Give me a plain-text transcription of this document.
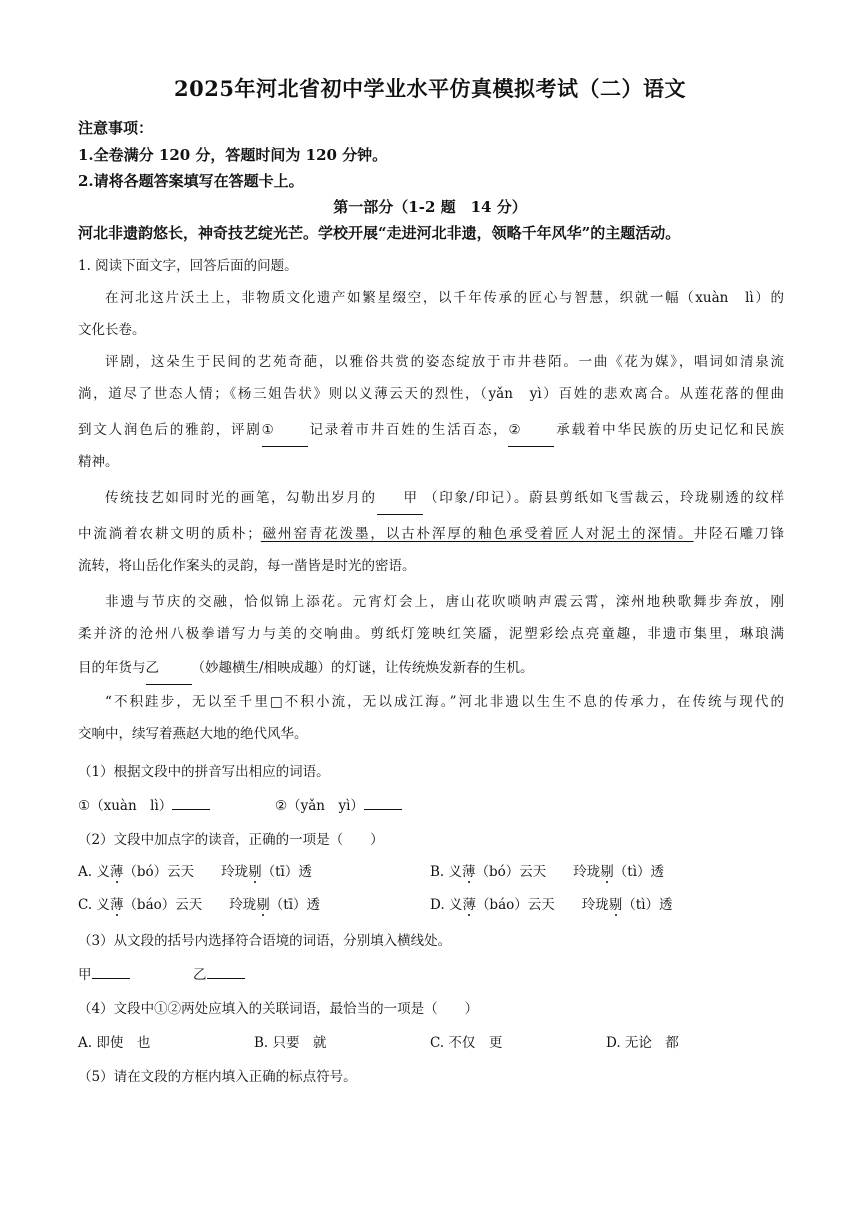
2025年河北省初中学业水平仿真模拟考试（二）语文
注意事项：
1.全卷满分 120 分，答题时间为 120 分钟。
2.请将各题答案填写在答题卡上。
第一部分（1-2 题　14 分）
河北非遗韵悠长，神奇技艺绽光芒。学校开展“走进河北非遗，领略千年风华”的主题活动。
1. 阅读下面文字，回答后面的问题。
在河北这片沃土上，非物质文化遗产如繁星缀空，以千年传承的匠心与智慧，织就一幅（xuàn　lì）的
文化长卷。
评剧，这朵生于民间的艺苑奇葩，以雅俗共赏的姿态绽放于市井巷陌。一曲《花为媒》，唱词如清泉流
淌，道尽了世态人情；《杨三姐告状》则以义薄云天的烈性，（yǎn　yì）百姓的悲欢离合。从莲花落的俚曲
到文人润色后的雅韵，评剧①	记录着市井百姓的生活百态，②	承载着中华民族的历史记忆和民族
精神。
传统技艺如同时光的画笔，勾勒出岁月的 甲 （印象/印记）。蔚县剪纸如飞雪裁云，玲珑剔透的纹样
中流淌着农耕文明的质朴；磁州窑青花泼墨，以古朴浑厚的釉色承受着匠人对泥土的深情。井陉石雕刀锋
流转，将山岳化作案头的灵韵，每一凿皆是时光的密语。
非遗与节庆的交融，恰似锦上添花。元宵灯会上，唐山花吹唢呐声震云霄，滦州地秧歌舞步奔放，刚
柔并济的沧州八极拳谱写力与美的交响曲。剪纸灯笼映红笑靥，泥塑彩绘点亮童趣，非遗市集里，琳琅满
目的年货与乙 （妙趣横生/相映成趣）的灯谜，让传统焕发新春的生机。
“不积跬步，无以至千里□不积小流，无以成江海。”河北非遗以生生不息的传承力，在传统与现代的
交响中，续写着燕赵大地的绝代风华。
（1）根据文段中的拼音写出相应的词语。
①（xuàn　lì）	②（yǎn　yì）
（2）文段中加点字的读音，正确的一项是（　　）
A. 义薄（bó）云天　　玲珑剔（tī）透	B. 义薄（bó）云天　　玲珑剔（tì）透
C. 义薄（báo）云天　　玲珑剔（tī）透	D. 义薄（báo）云天　　玲珑剔（tì）透
（3）从文段的括号内选择符合语境的词语，分别填入横线处。
甲	乙
（4）文段中①②两处应填入的关联词语，最恰当的一项是（　　）
A. 即使　也	B. 只要　就	C. 不仅　更	D. 无论　都
（5）请在文段的方框内填入正确的标点符号。
